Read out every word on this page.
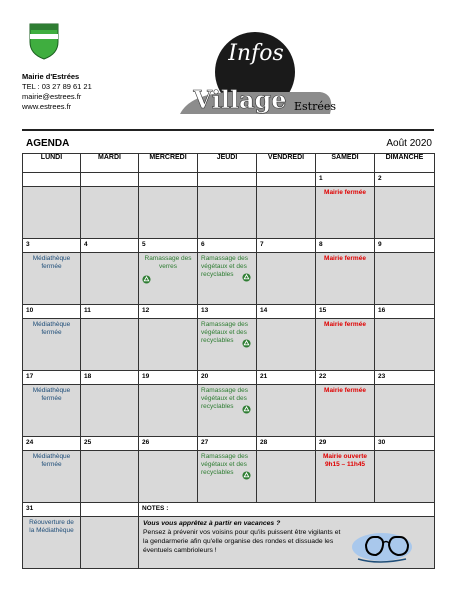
Mairie d'Estrées
TEL : 03 27 89 61 21
mairie@estrees.fr
www.estrees.fr
Infos
Village Estrées
AGENDA	Août 2020
LUNDI	MARDI	MERCREDI	JEUDI	VENDREDI	SAMEDI	DIMANCHE
					1	2

					Mairie fermée	

3	4	5	6	7	8	9

Médiathèque fermée		Ramassage des verres	Ramassage des végétaux et des recyclables		Mairie fermée	

10	11	12	13	14	15	16

Médiathèque fermée			Ramassage des végétaux et des recyclables		Mairie fermée	

17	18	19	20	21	22	23

Médiathèque fermée			Ramassage des végétaux et des recyclables		Mairie fermée	

24	25	26	27	28	29	30

Médiathèque fermée			Ramassage des végétaux et des recyclables		Mairie ouverte 9h15 – 11h45	

31		NOTES :				

Réouverture de la Médiathèque		Vous vous apprêtez à partir en vacances ?
Pensez à prévenir vos voisins pour qu'ils puissent être vigilants et la gendarmerie afin qu'elle organise des rondes et dissuade les éventuels cambrioleurs !				
